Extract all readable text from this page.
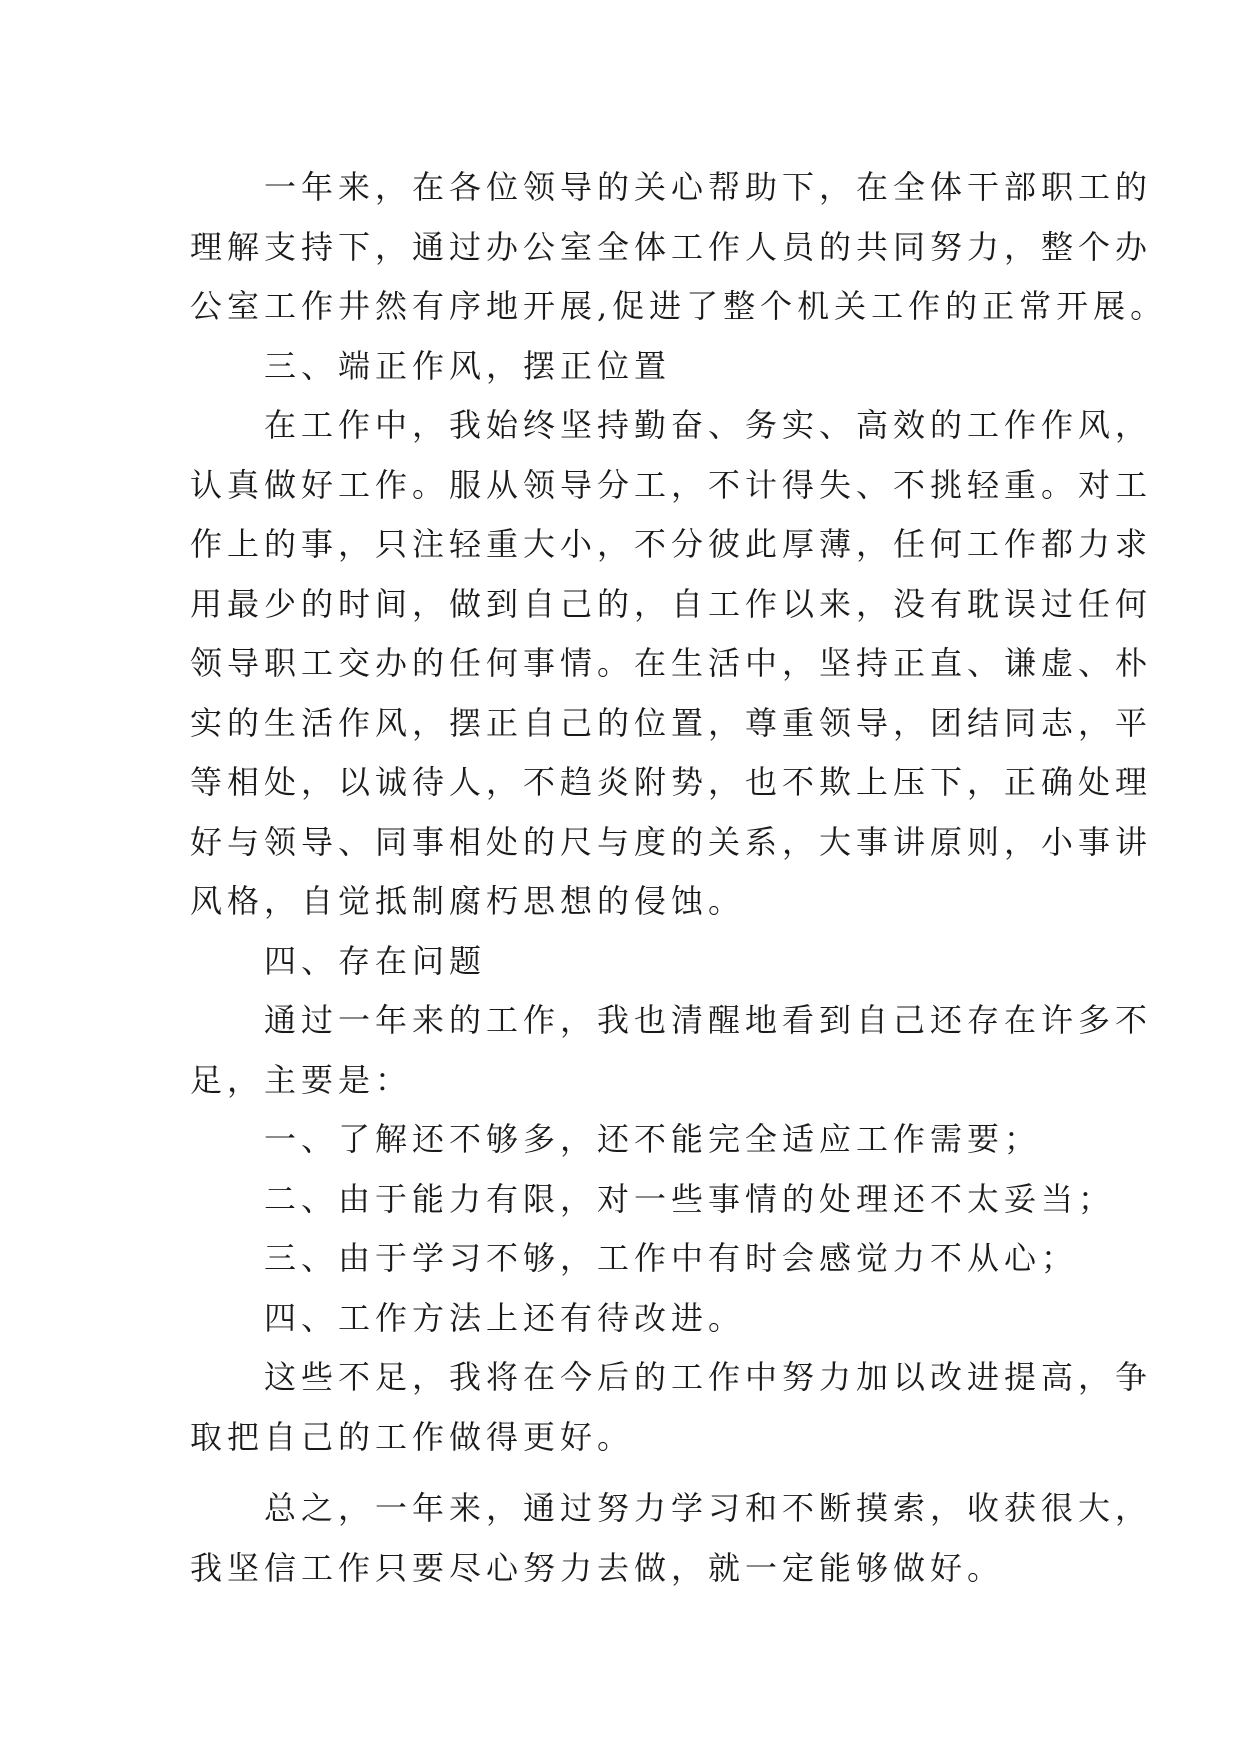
　　一年来，在各位领导的关心帮助下，在全体干部职工的
理解支持下，通过办公室全体工作人员的共同努力，整个办
公室工作井然有序地开展,促进了整个机关工作的正常开展。
　　三、端正作风，摆正位置
　　在工作中，我始终坚持勤奋、务实、高效的工作作风，
认真做好工作。服从领导分工，不计得失、不挑轻重。对工
作上的事，只注轻重大小，不分彼此厚薄，任何工作都力求
用最少的时间，做到自己的，自工作以来，没有耽误过任何
领导职工交办的任何事情。在生活中，坚持正直、谦虚、朴
实的生活作风，摆正自己的位置，尊重领导，团结同志，平
等相处，以诚待人，不趋炎附势，也不欺上压下，正确处理
好与领导、同事相处的尺与度的关系，大事讲原则，小事讲
风格，自觉抵制腐朽思想的侵蚀。
　　四、存在问题
　　通过一年来的工作，我也清醒地看到自己还存在许多不
足，主要是：
　　一、了解还不够多，还不能完全适应工作需要；
　　二、由于能力有限，对一些事情的处理还不太妥当；
　　三、由于学习不够，工作中有时会感觉力不从心；
　　四、工作方法上还有待改进。
　　这些不足，我将在今后的工作中努力加以改进提高，争
取把自己的工作做得更好。
　　总之，一年来，通过努力学习和不断摸索，收获很大，
我坚信工作只要尽心努力去做，就一定能够做好。
